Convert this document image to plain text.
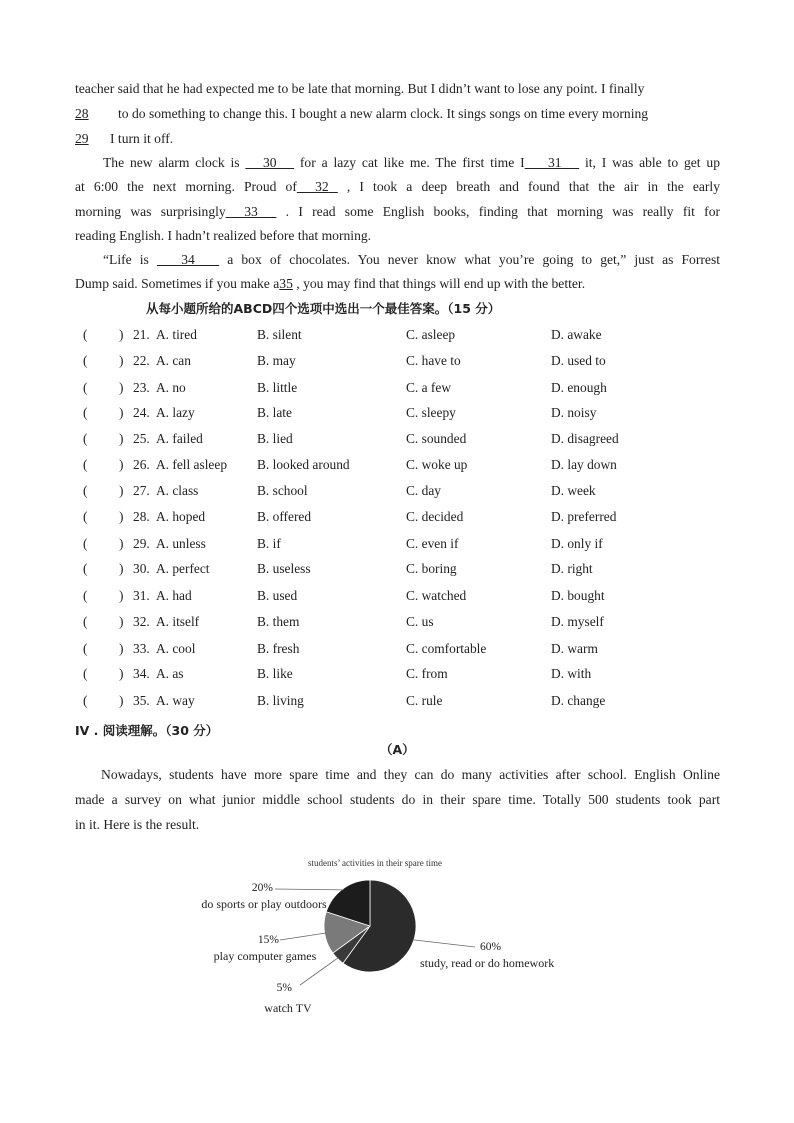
teacher said that he had expected me to be late that morning. But I didn’t want to lose any point. I finally
28 to do something to change this. I bought a new alarm clock. It sings songs on time every morning
29 I turn it off.
The new alarm clock is 30 for a lazy cat like me. The first time I 31 it, I was able to get up
at 6:00 the next morning. Proud of 32 , I took a deep breath and found that the air in the early
morning was surprisingly 33 . I read some English books, finding that morning was really fit for
reading English. I hadn’t realized before that morning.
“Life is 34 a box of chocolates. You never know what you’re going to get,” just as Forrest
Dump said. Sometimes if you make a35 , you may find that things will end up with the better.
从每小题所给的ABCD四个选项中选出一个最佳答案。（15 分）
( ) 21. A. tired	B. silent	C. asleep	D. awake
( ) 22. A. can	B. may	C. have to	D. used to
( ) 23. A. no	B. little	C. a few	D. enough
( ) 24. A. lazy	B. late	C. sleepy	D. noisy
( ) 25. A. failed	B. lied	C. sounded	D. disagreed
( ) 26. A. fell asleep B. looked around	C. woke up	D. lay down
( ) 27. A. class	B. school	C. day	D. week
( ) 28. A. hoped	B. offered	C. decided	D. preferred
( ) 29. A. unless	B. if	C. even if	D. only if
( ) 30. A. perfect	B. useless	C. boring	D. right
( ) 31. A. had	B. used	C. watched	D. bought
( ) 32. A. itself	B. them	C. us	D. myself
( ) 33. A. cool	B. fresh	C. comfortable	D. warm
( ) 34. A. as	B. like	C. from	D. with
( ) 35. A. way	B. living	C. rule	D. change
IV . 阅读理解。（30 分）
（A）
Nowadays, students have more spare time and they can do many activities after school. English Online
made a survey on what junior middle school students do in their spare time. Totally 500 students took part
in it. Here is the result.
students’ activities in their spare time
60%
study, read or do homework
5%
watch TV
15%
play computer games
20%
do sports or play outdoors
